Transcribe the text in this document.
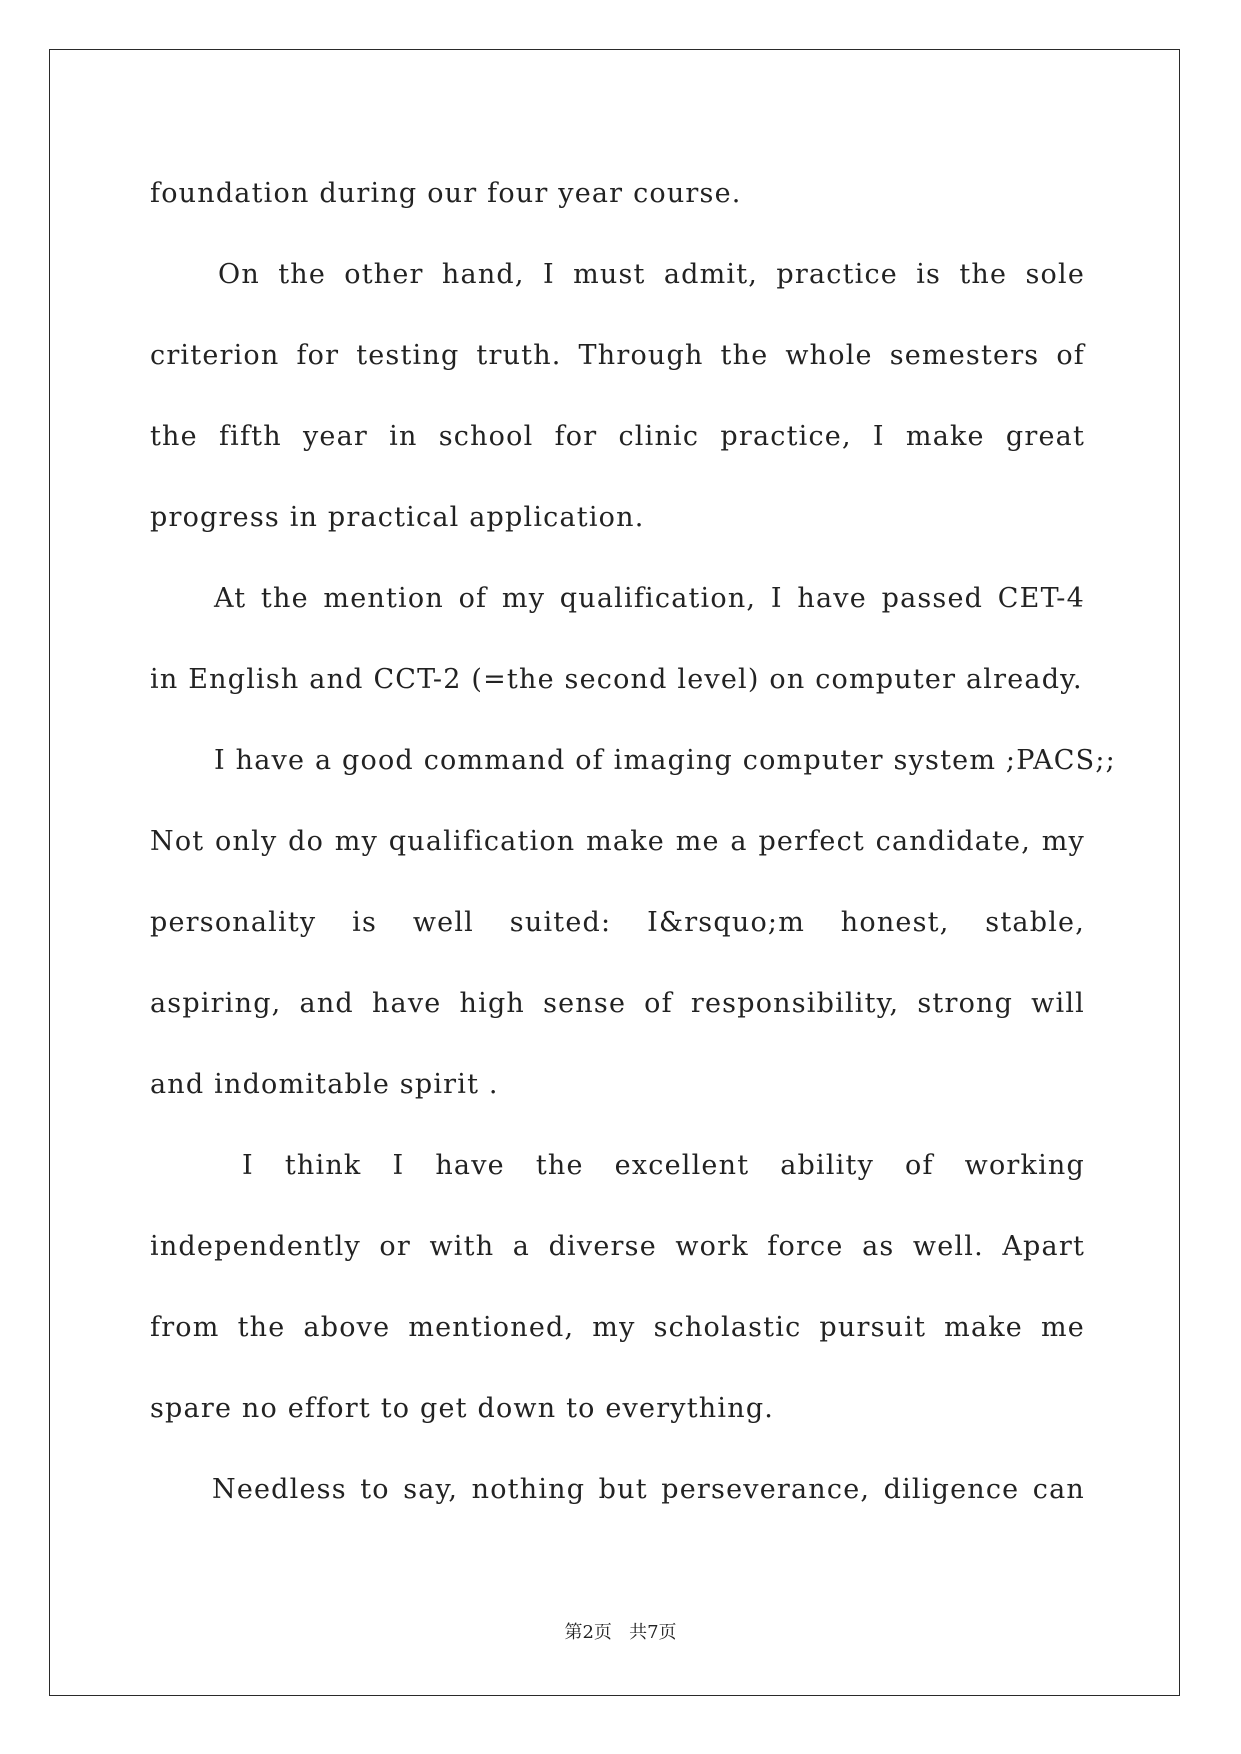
foundation during our four year course.
On the other hand, I must admit, practice is the sole
criterion for testing truth. Through the whole semesters of
the fifth year in school for clinic practice, I make great
progress in practical application.
At the mention of my qualification, I have passed CET-4
in English and CCT-2 (=the second level) on computer already.
I have a good command of imaging computer system ;PACS;;
Not only do my qualification make me a perfect candidate, my
personality is well suited: I&rsquo;m honest, stable,
aspiring, and have high sense of responsibility, strong will
and indomitable spirit .
I think I have the excellent ability of working
independently or with a diverse work force as well. Apart
from the above mentioned, my scholastic pursuit make me
spare no effort to get down to everything.
Needless to say, nothing but perseverance, diligence can
第2页   共7页
